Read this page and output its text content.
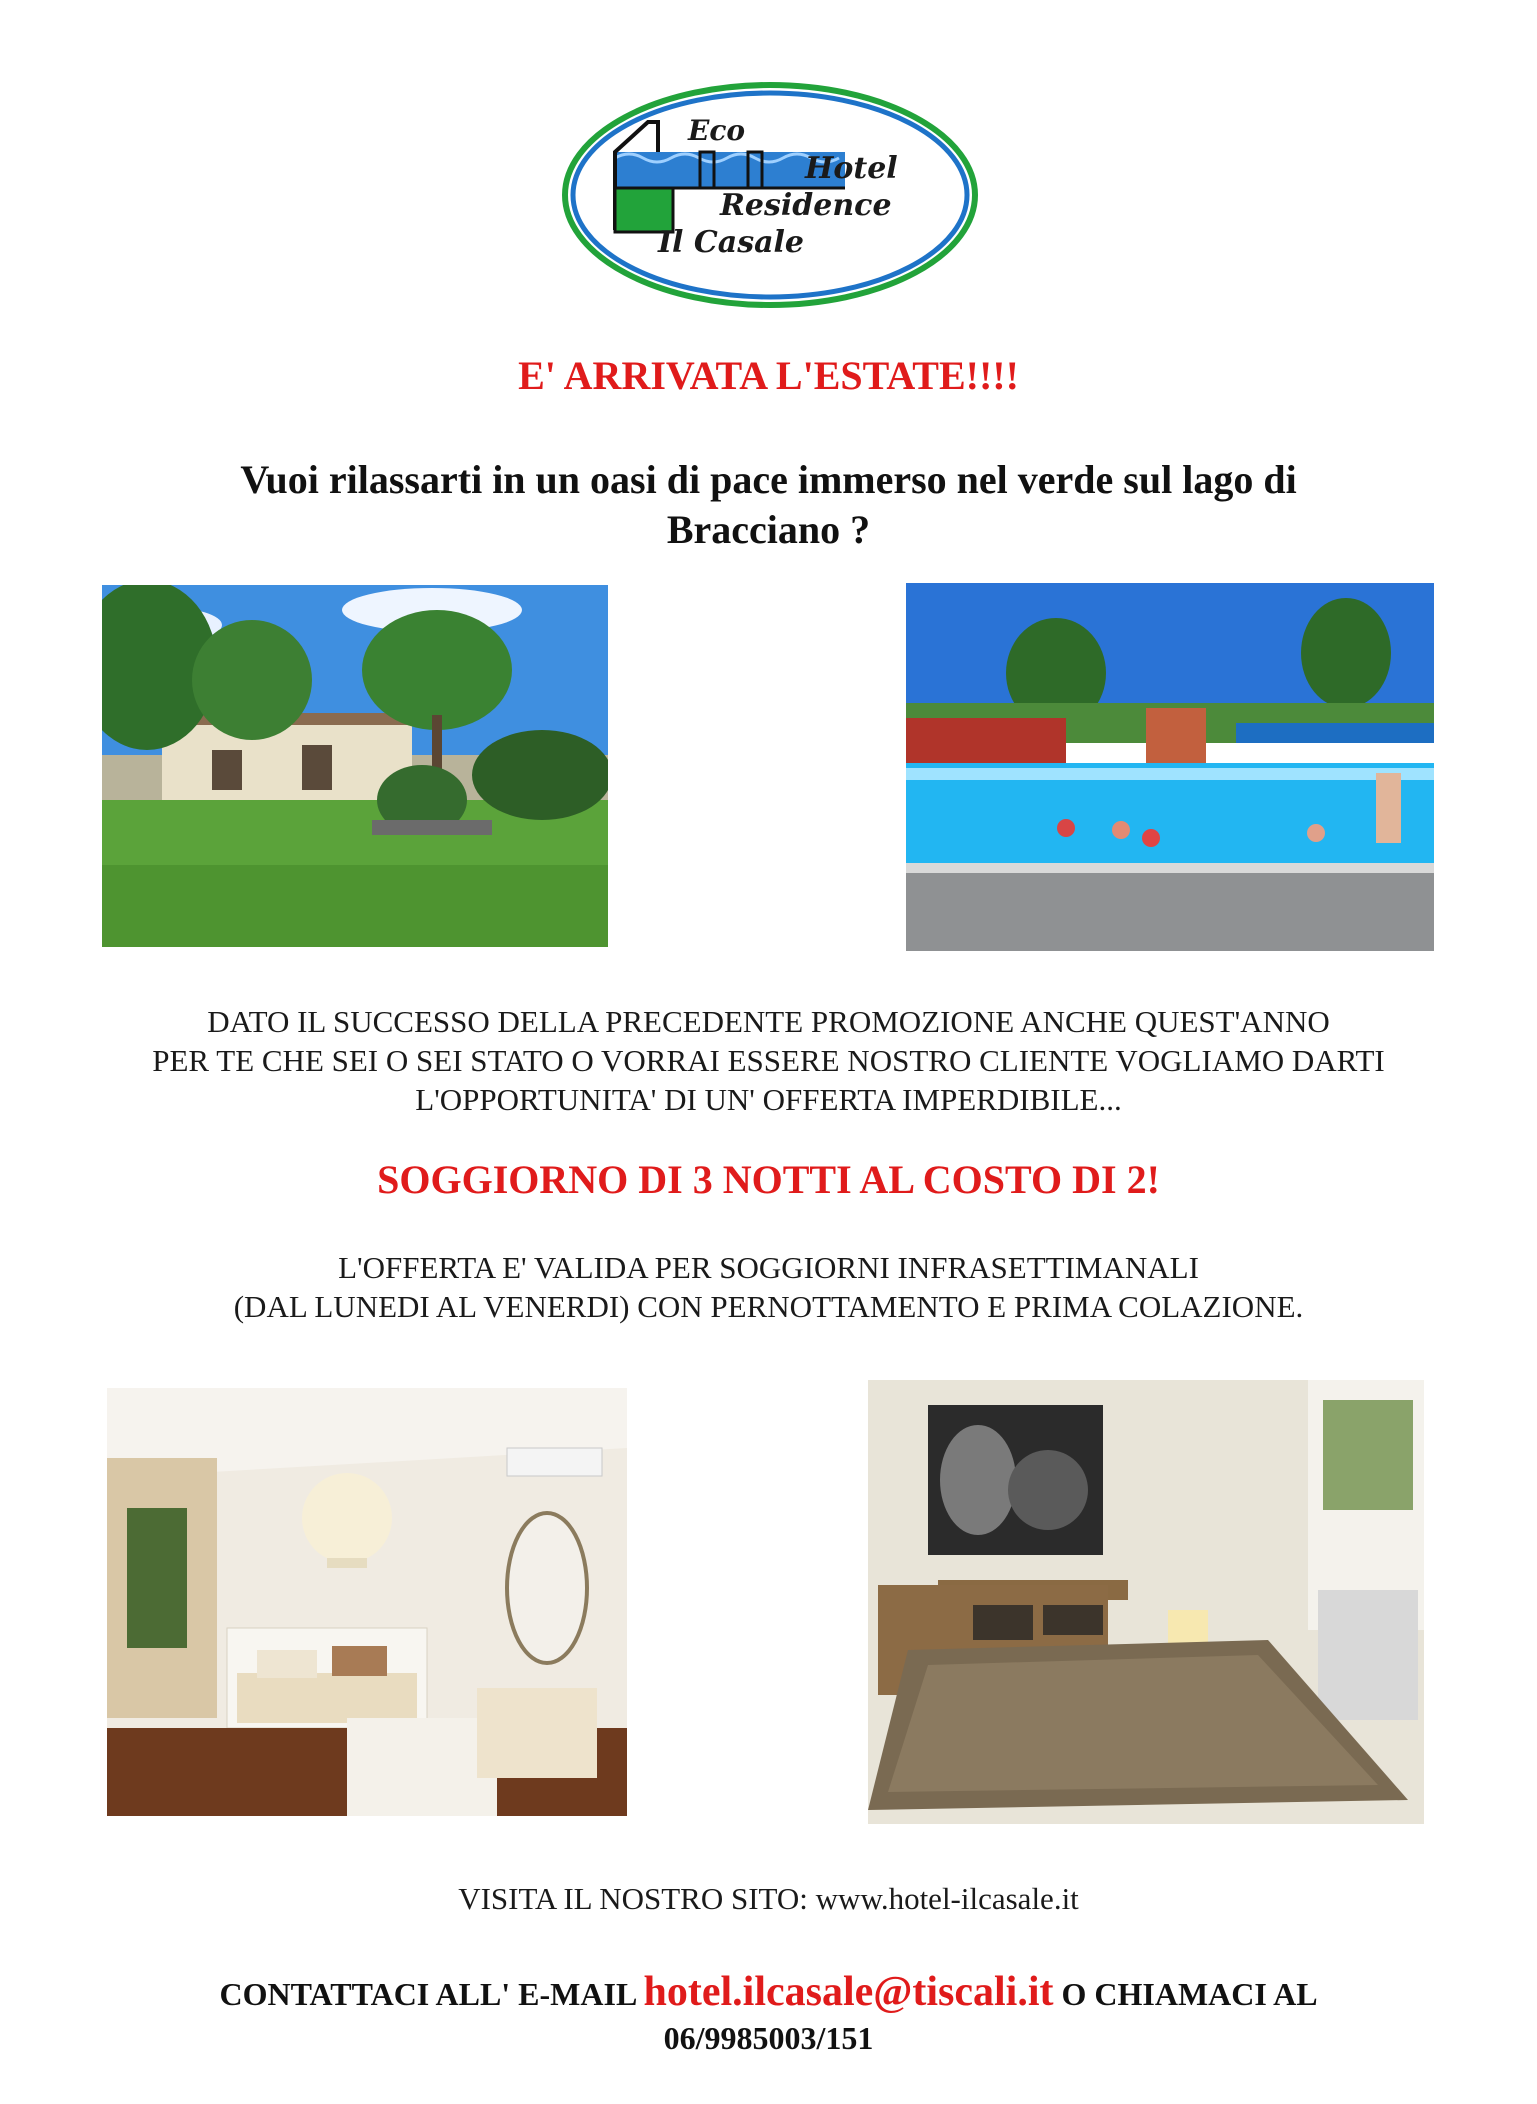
Eco
Hotel
Residence
Il Casale
E' ARRIVATA L'ESTATE!!!!
Vuoi rilassarti in un oasi di pace immerso nel verde sul lago di
Bracciano ?
DATO IL SUCCESSO DELLA PRECEDENTE PROMOZIONE ANCHE QUEST'ANNO
PER TE CHE SEI O SEI STATO O VORRAI ESSERE NOSTRO CLIENTE VOGLIAMO DARTI
L'OPPORTUNITA' DI UN' OFFERTA IMPERDIBILE...
SOGGIORNO DI 3 NOTTI AL COSTO DI 2!
L'OFFERTA E' VALIDA PER SOGGIORNI INFRASETTIMANALI
(DAL LUNEDI AL VENERDI) CON PERNOTTAMENTO E PRIMA COLAZIONE.
VISITA IL NOSTRO SITO: www.hotel-ilcasale.it
CONTATTACI ALL' E-MAIL hotel.ilcasale@tiscali.it O CHIAMACI AL
06/9985003/151
